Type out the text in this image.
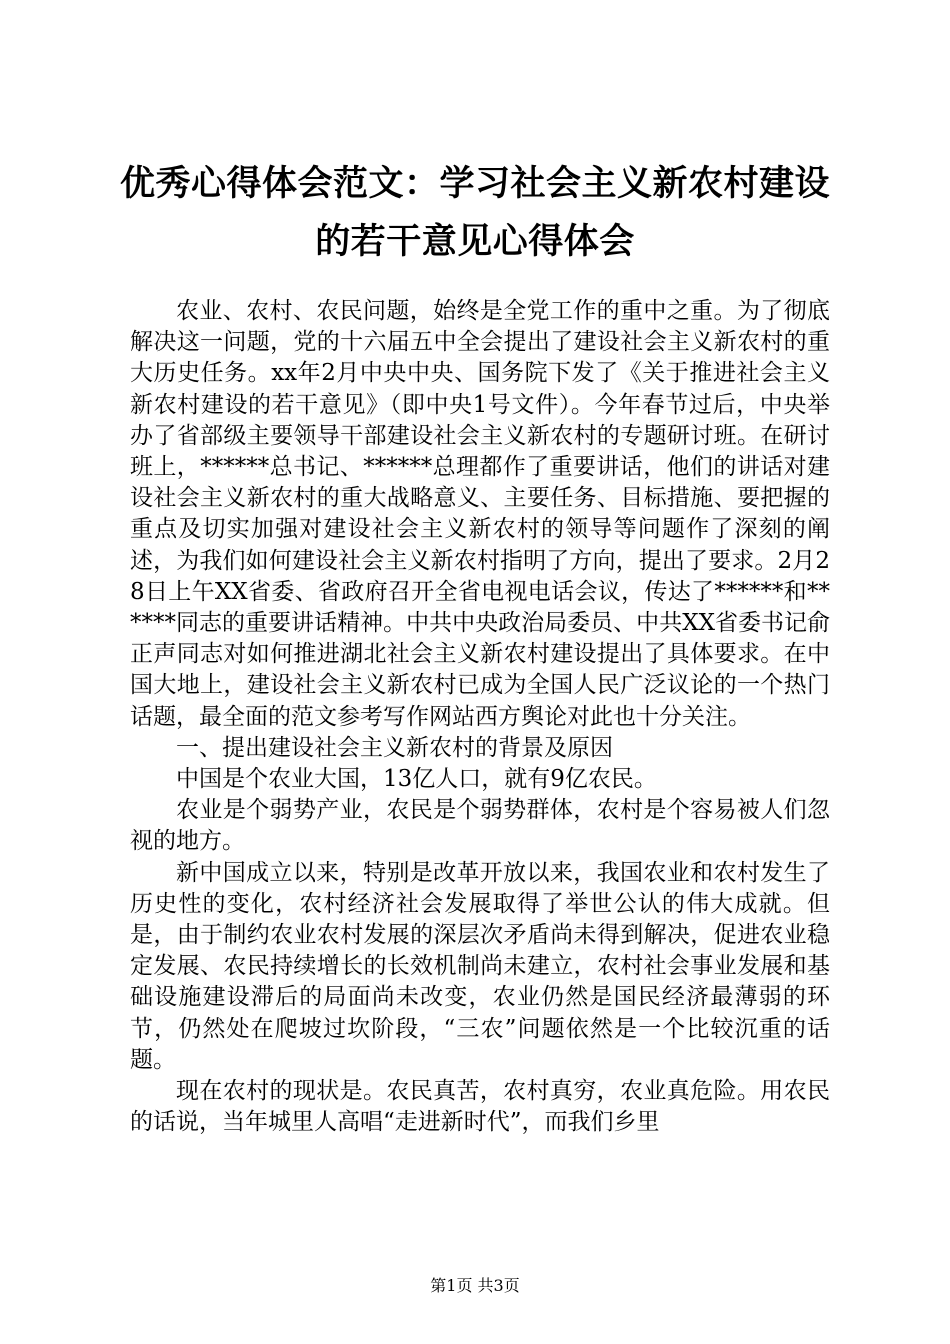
优秀心得体会范文：学习社会主义新农村建设
的若干意见心得体会

农业、农村、农民问题，始终是全党工作的重中之重。为了彻底解决这一问题，党的十六届五中全会提出了建设社会主义新农村的重大历史任务。xx年2月中央中央、国务院下发了《关于推进社会主义新农村建设的若干意见》（即中央1号文件）。今年春节过后，中央举办了省部级主要领导干部建设社会主义新农村的专题研讨班。在研讨班上，******总书记、******总理都作了重要讲话，他们的讲话对建设社会主义新农村的重大战略意义、主要任务、目标措施、要把握的重点及切实加强对建设社会主义新农村的领导等问题作了深刻的阐述，为我们如何建设社会主义新农村指明了方向，提出了要求。2月28日上午XX省委、省政府召开全省电视电话会议，传达了******和******同志的重要讲话精神。中共中央政治局委员、中共XX省委书记俞正声同志对如何推进湖北社会主义新农村建设提出了具体要求。在中国大地上，建设社会主义新农村已成为全国人民广泛议论的一个热门话题，最全面的范文参考写作网站西方舆论对此也十分关注。

一、提出建设社会主义新农村的背景及原因

中国是个农业大国，13亿人口，就有9亿农民。

农业是个弱势产业，农民是个弱势群体，农村是个容易被人们忽视的地方。

新中国成立以来，特别是改革开放以来，我国农业和农村发生了历史性的变化，农村经济社会发展取得了举世公认的伟大成就。但是，由于制约农业农村发展的深层次矛盾尚未得到解决，促进农业稳定发展、农民持续增长的长效机制尚未建立，农村社会事业发展和基础设施建设滞后的局面尚未改变，农业仍然是国民经济最薄弱的环节，仍然处在爬坡过坎阶段，“三农”问题依然是一个比较沉重的话题。

现在农村的现状是。农民真苦，农村真穷，农业真危险。用农民的话说，当年城里人高唱“走进新时代”，而我们乡里

第1页 共3页
